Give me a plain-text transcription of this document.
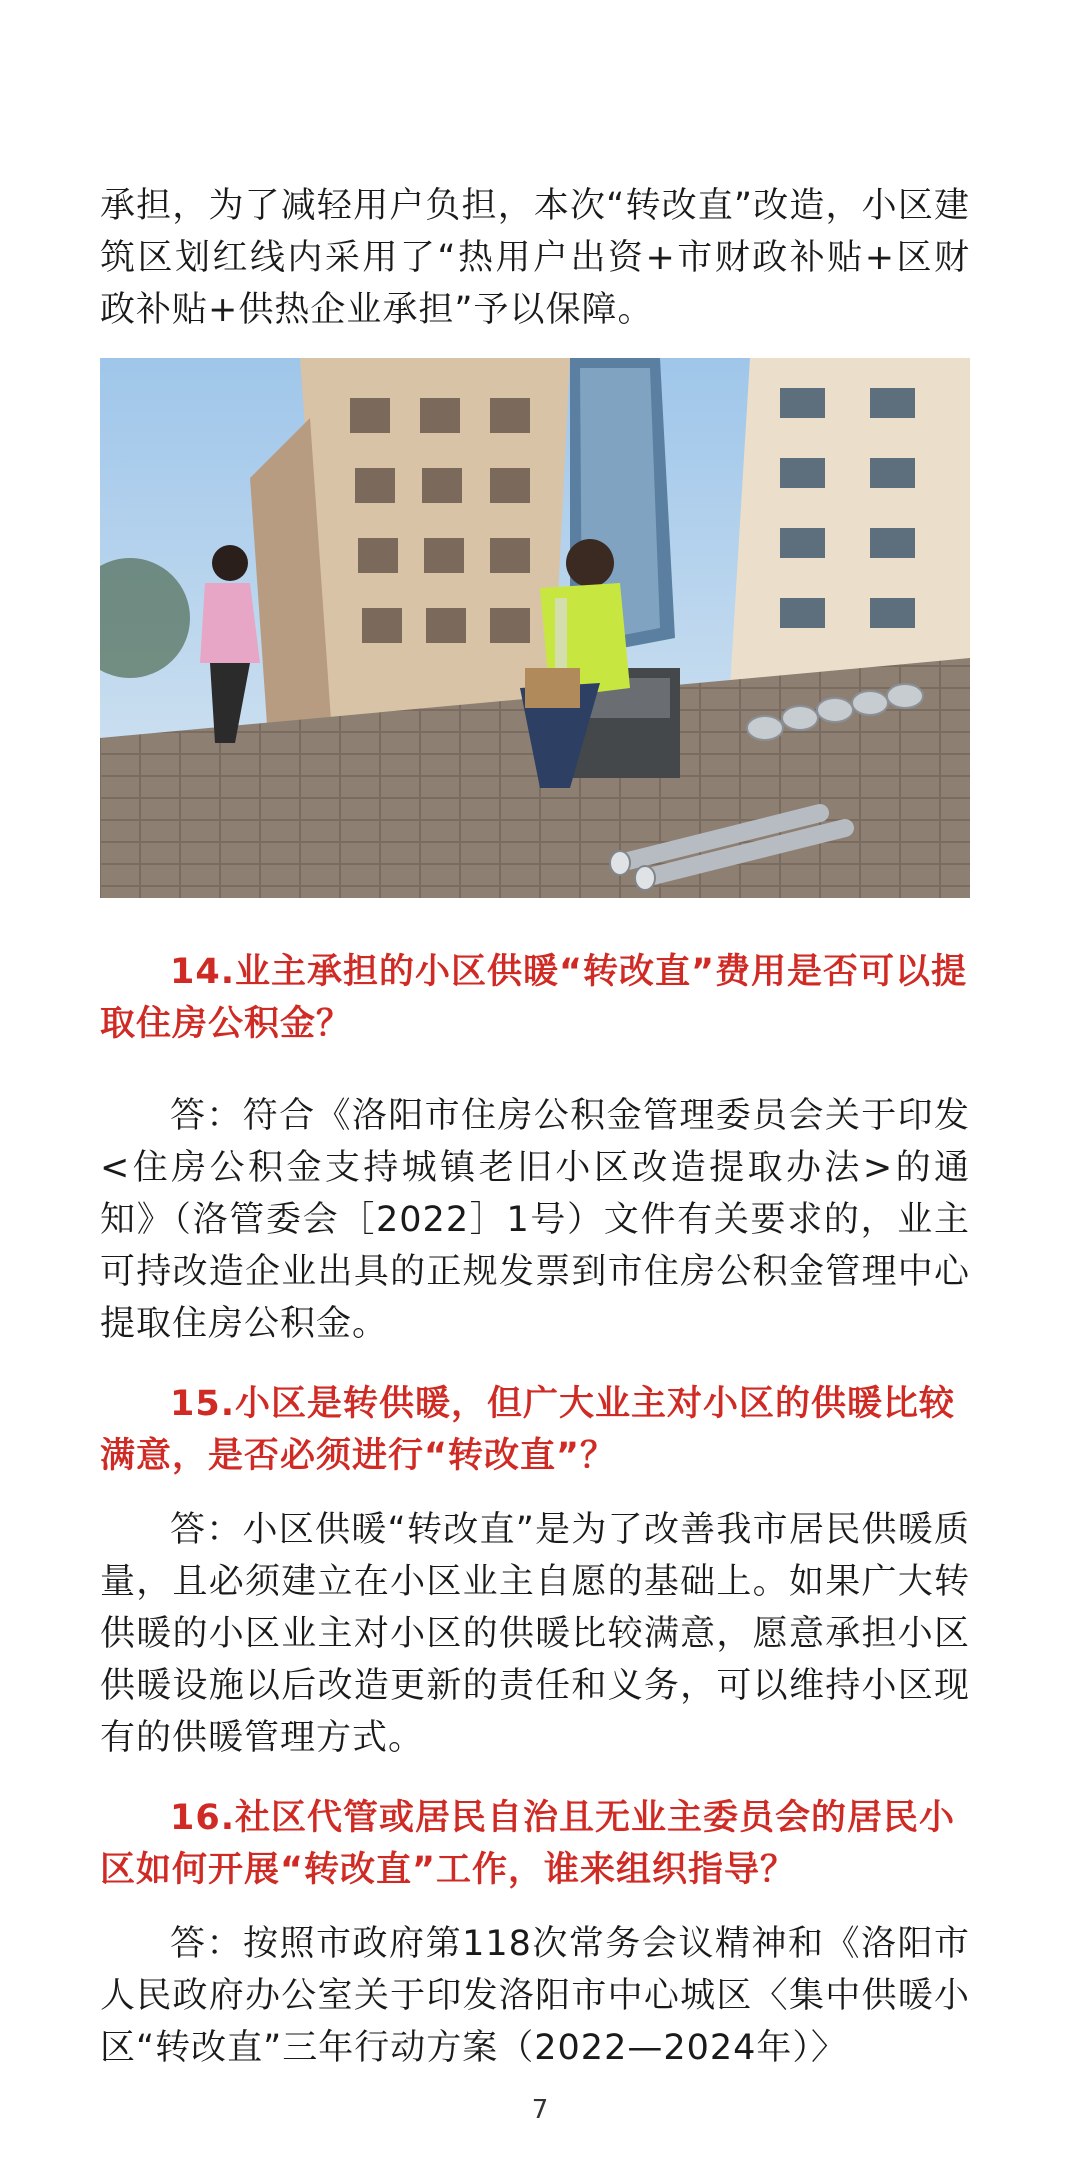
承担，为了减轻用户负担，本次“转改直”改造，小区建筑区划红线内采用了“热用户出资+市财政补贴+区财政补贴+供热企业承担”予以保障。

14.业主承担的小区供暖“转改直”费用是否可以提取住房公积金？

答：符合《洛阳市住房公积金管理委员会关于印发<住房公积金支持城镇老旧小区改造提取办法>的通知》（洛管委会［2022］1号）文件有关要求的，业主可持改造企业出具的正规发票到市住房公积金管理中心提取住房公积金。

15.小区是转供暖，但广大业主对小区的供暖比较满意，是否必须进行“转改直”？

答：小区供暖“转改直”是为了改善我市居民供暖质量，且必须建立在小区业主自愿的基础上。如果广大转供暖的小区业主对小区的供暖比较满意，愿意承担小区供暖设施以后改造更新的责任和义务，可以维持小区现有的供暖管理方式。

16.社区代管或居民自治且无业主委员会的居民小区如何开展“转改直”工作，谁来组织指导？

答：按照市政府第118次常务会议精神和《洛阳市人民政府办公室关于印发洛阳市中心城区〈集中供暖小区“转改直”三年行动方案（2022—2024年）〉

7
